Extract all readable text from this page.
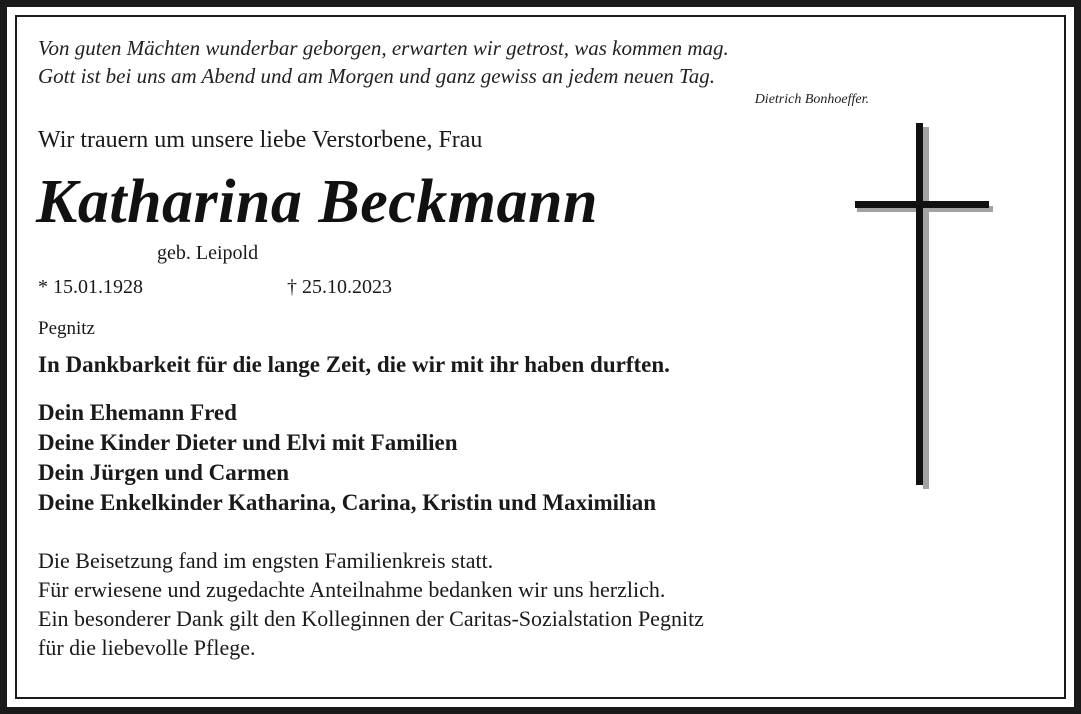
Von guten Mächten wunderbar geborgen, erwarten wir getrost, was kommen mag.
Gott ist bei uns am Abend und am Morgen und ganz gewiss an jedem neuen Tag.
Dietrich Bonhoeffer.
Wir trauern um unsere liebe Verstorbene, Frau
Katharina Beckmann
geb. Leipold
* 15.01.1928	† 25.10.2023
Pegnitz
In Dankbarkeit für die lange Zeit, die wir mit ihr haben durften.
Dein Ehemann Fred
Deine Kinder Dieter und Elvi mit Familien
Dein Jürgen und Carmen
Deine Enkelkinder Katharina, Carina, Kristin und Maximilian
Die Beisetzung fand im engsten Familienkreis statt.
Für erwiesene und zugedachte Anteilnahme bedanken wir uns herzlich.
Ein besonderer Dank gilt den Kolleginnen der Caritas-Sozialstation Pegnitz
für die liebevolle Pflege.
